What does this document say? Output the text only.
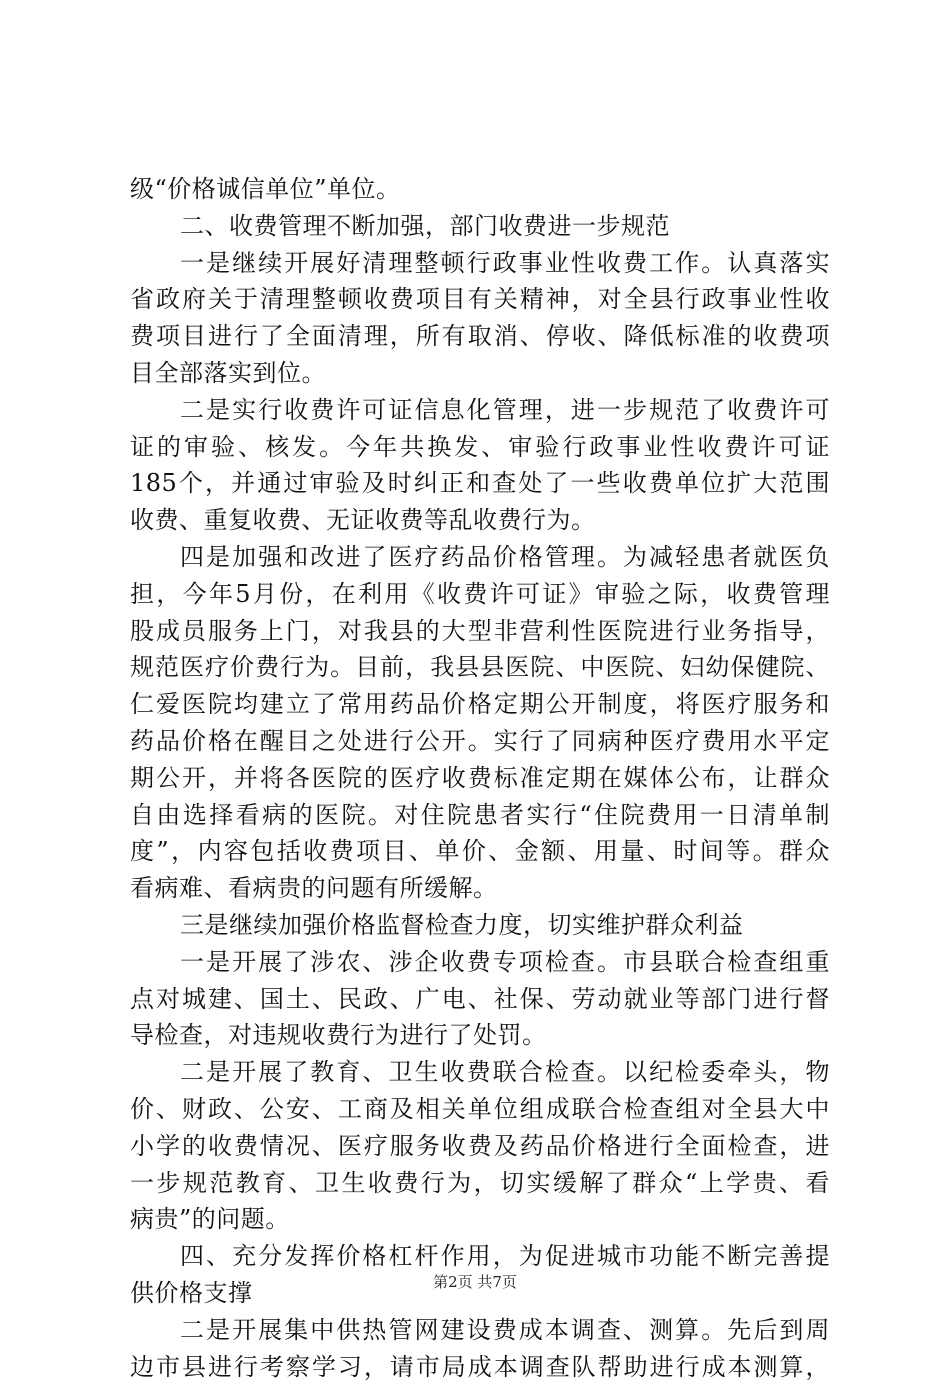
级“价格诚信单位”单位。
二、收费管理不断加强，部门收费进一步规范
一是继续开展好清理整顿行政事业性收费工作。认真落实
省政府关于清理整顿收费项目有关精神，对全县行政事业性收
费项目进行了全面清理，所有取消、停收、降低标准的收费项
目全部落实到位。
二是实行收费许可证信息化管理，进一步规范了收费许可
证的审验、核发。今年共换发、审验行政事业性收费许可证
185个，并通过审验及时纠正和查处了一些收费单位扩大范围
收费、重复收费、无证收费等乱收费行为。
四是加强和改进了医疗药品价格管理。为减轻患者就医负
担，今年5月份，在利用《收费许可证》审验之际，收费管理
股成员服务上门，对我县的大型非营利性医院进行业务指导，
规范医疗价费行为。目前，我县县医院、中医院、妇幼保健院、
仁爱医院均建立了常用药品价格定期公开制度，将医疗服务和
药品价格在醒目之处进行公开。实行了同病种医疗费用水平定
期公开，并将各医院的医疗收费标准定期在媒体公布，让群众
自由选择看病的医院。对住院患者实行“住院费用一日清单制
度”，内容包括收费项目、单价、金额、用量、时间等。群众
看病难、看病贵的问题有所缓解。
三是继续加强价格监督检查力度，切实维护群众利益
一是开展了涉农、涉企收费专项检查。市县联合检查组重
点对城建、国土、民政、广电、社保、劳动就业等部门进行督
导检查，对违规收费行为进行了处罚。
二是开展了教育、卫生收费联合检查。以纪检委牵头，物
价、财政、公安、工商及相关单位组成联合检查组对全县大中
小学的收费情况、医疗服务收费及药品价格进行全面检查，进
一步规范教育、卫生收费行为，切实缓解了群众“上学贵、看
病贵”的问题。
四、充分发挥价格杠杆作用，为促进城市功能不断完善提
供价格支撑
二是开展集中供热管网建设费成本调查、测算。先后到周
边市县进行考察学习，请市局成本调查队帮助进行成本测算，
第2页 共7页
